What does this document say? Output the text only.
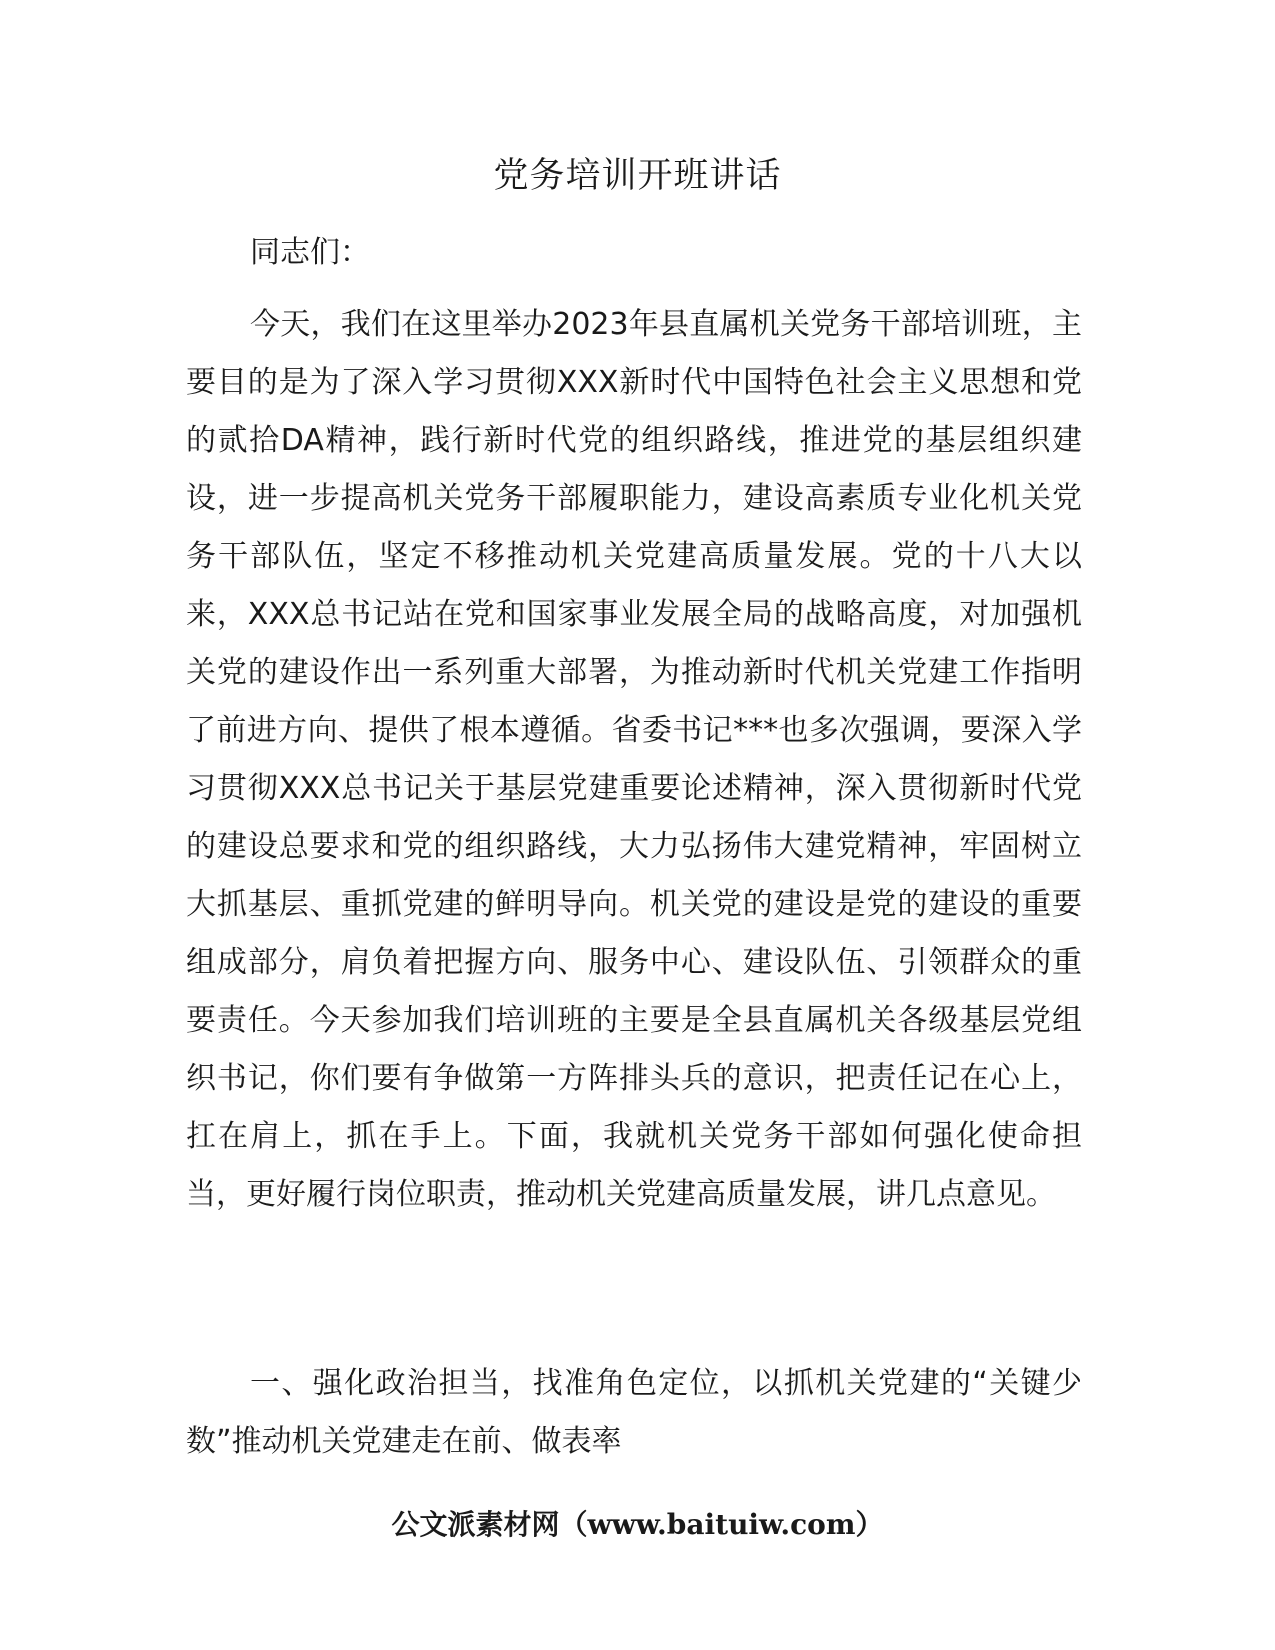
党务培训开班讲话

同志们：

今天，我们在这里举办2023年县直属机关党务干部培训班，主要目的是为了深入学习贯彻XXX新时代中国特色社会主义思想和党的贰拾DA精神，践行新时代党的组织路线，推进党的基层组织建设，进一步提高机关党务干部履职能力，建设高素质专业化机关党务干部队伍，坚定不移推动机关党建高质量发展。党的十八大以来，XXX总书记站在党和国家事业发展全局的战略高度，对加强机关党的建设作出一系列重大部署，为推动新时代机关党建工作指明了前进方向、提供了根本遵循。省委书记***也多次强调，要深入学习贯彻XXX总书记关于基层党建重要论述精神，深入贯彻新时代党的建设总要求和党的组织路线，大力弘扬伟大建党精神，牢固树立大抓基层、重抓党建的鲜明导向。机关党的建设是党的建设的重要组成部分，肩负着把握方向、服务中心、建设队伍、引领群众的重要责任。今天参加我们培训班的主要是全县直属机关各级基层党组织书记，你们要有争做第一方阵排头兵的意识，把责任记在心上，扛在肩上，抓在手上。下面，我就机关党务干部如何强化使命担当，更好履行岗位职责，推动机关党建高质量发展，讲几点意见。

一、强化政治担当，找准角色定位，以抓机关党建的“关键少数”推动机关党建走在前、做表率

公文派素材网（www.baituiw.com）
